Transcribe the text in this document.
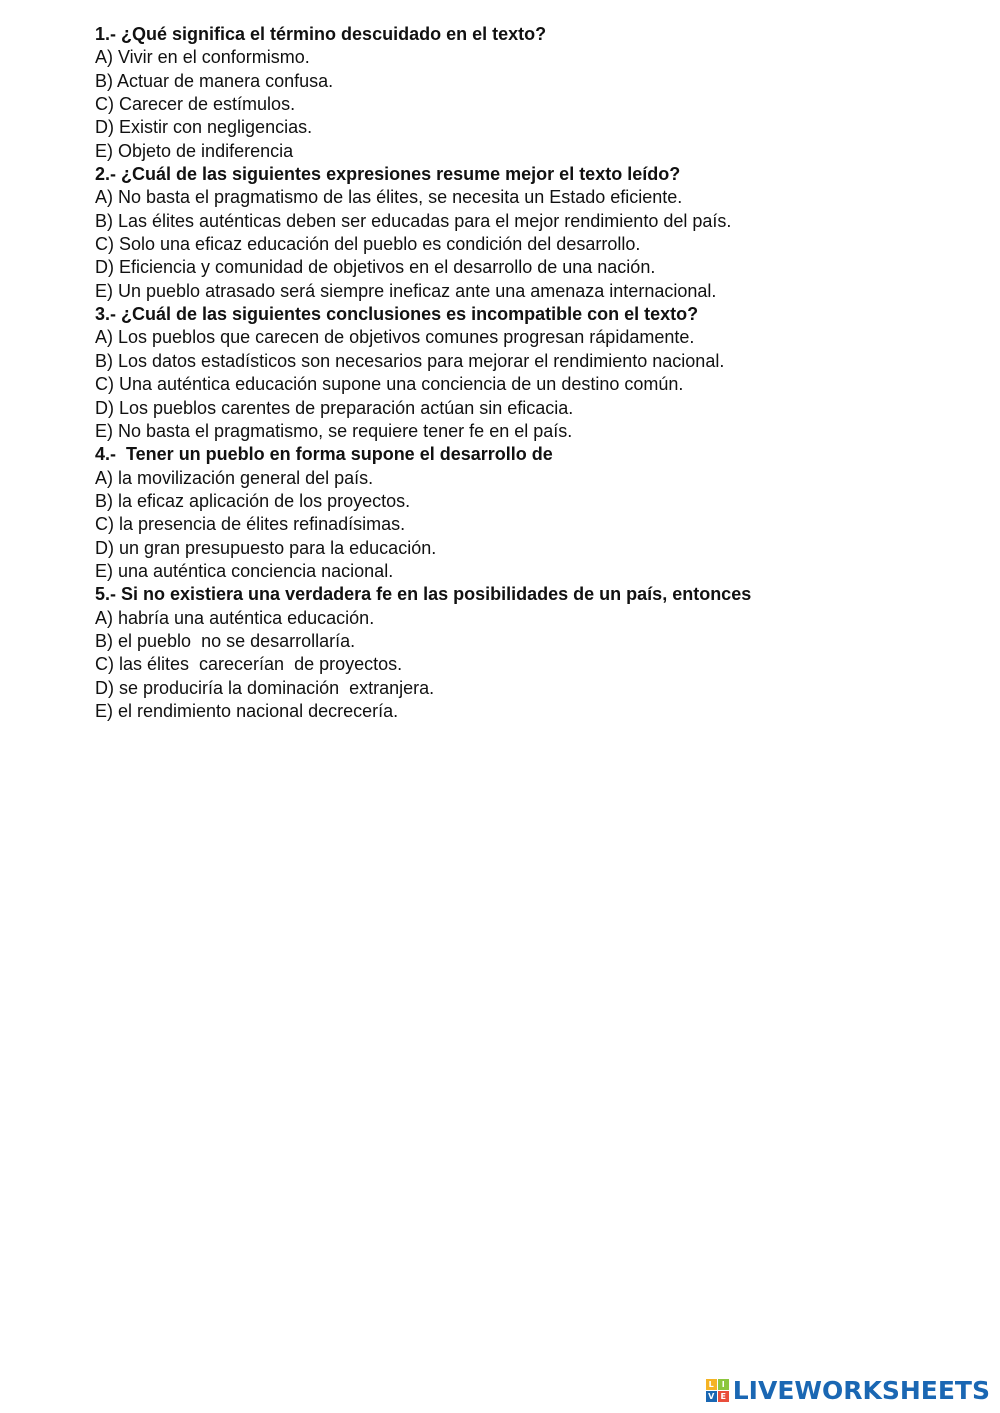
1.- ¿Qué significa el término descuidado en el texto?
A) Vivir en el conformismo.
B) Actuar de manera confusa.
C) Carecer de estímulos.
D) Existir con negligencias.
E) Objeto de indiferencia
2.- ¿Cuál de las siguientes expresiones resume mejor el texto leído?
A) No basta el pragmatismo de las élites, se necesita un Estado eficiente.
B) Las élites auténticas deben ser educadas para el mejor rendimiento del país.
C) Solo una eficaz educación del pueblo es condición del desarrollo.
D) Eficiencia y comunidad de objetivos en el desarrollo de una nación.
E) Un pueblo atrasado será siempre ineficaz ante una amenaza internacional.
3.- ¿Cuál de las siguientes conclusiones es incompatible con el texto?
A) Los pueblos que carecen de objetivos comunes progresan rápidamente.
B) Los datos estadísticos son necesarios para mejorar el rendimiento nacional.
C) Una auténtica educación supone una conciencia de un destino común.
D) Los pueblos carentes de preparación actúan sin eficacia.
E) No basta el pragmatismo, se requiere tener fe en el país.
4.-  Tener un pueblo en forma supone el desarrollo de
A) la movilización general del país.
B) la eficaz aplicación de los proyectos.
C) la presencia de élites refinadísimas.
D) un gran presupuesto para la educación.
E) una auténtica conciencia nacional.
5.- Si no existiera una verdadera fe en las posibilidades de un país, entonces
A) habría una auténtica educación.
B) el pueblo  no se desarrollaría.
C) las élites  carecerían  de proyectos.
D) se produciría la dominación  extranjera.
E) el rendimiento nacional decrecería.
L I
V E LIVEWORKSHEETS
